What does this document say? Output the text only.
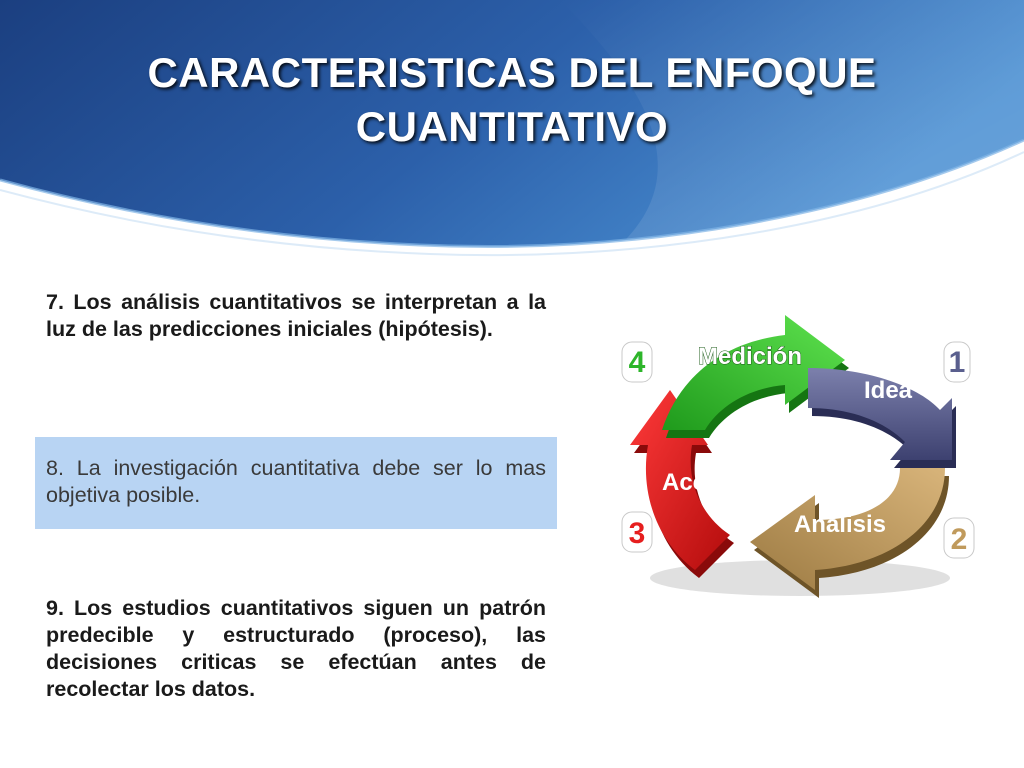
CARACTERISTICAS DEL ENFOQUE
CUANTITATIVO
7. Los análisis cuantitativos se interpretan a la luz de las predicciones iniciales (hipótesis).
8. La investigación cuantitativa debe ser lo mas objetiva posible.
9. Los estudios cuantitativos siguen un patrón predecible y estructurado (proceso), las decisiones criticas se efectúan antes de recolectar los datos.
Medición
Idea
Acción
Análisis
4	1
3	2
